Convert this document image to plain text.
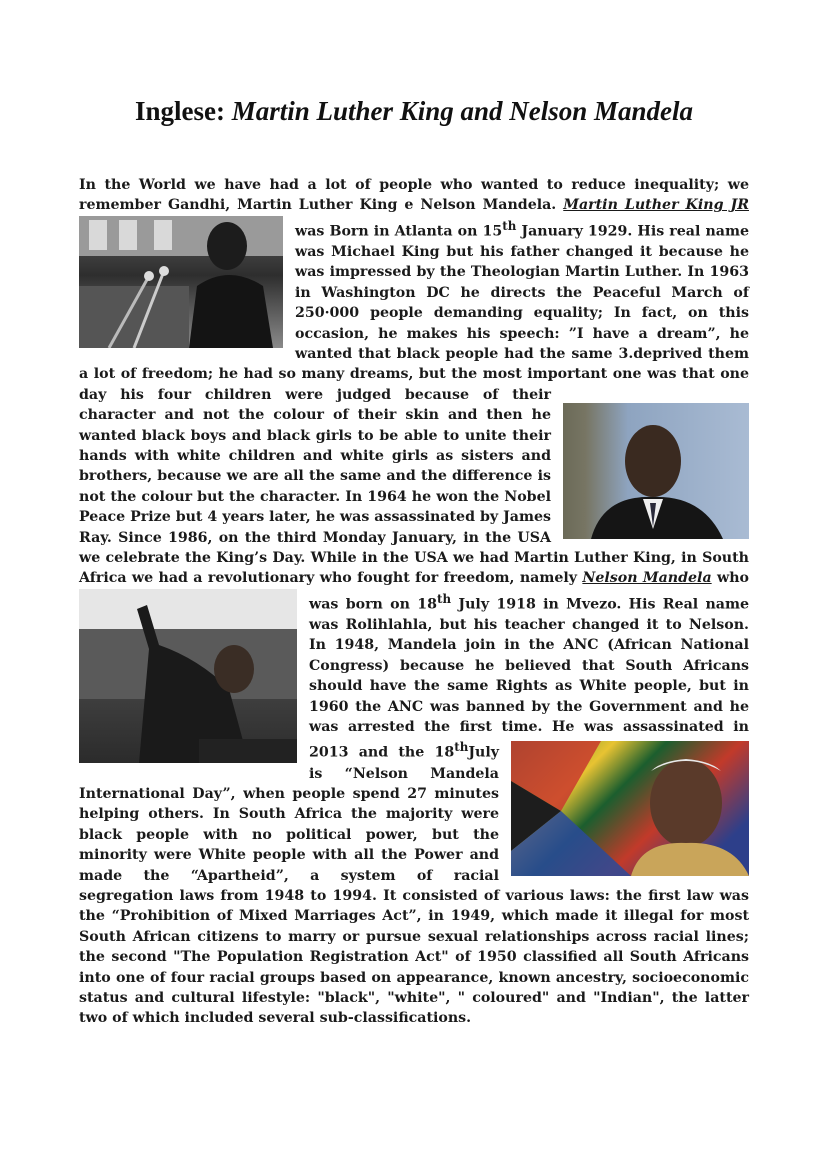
Inglese: Martin Luther King and Nelson Mandela

In the World we have had a lot of people who wanted to reduce inequality; we remember Gandhi, Martin Luther King e Nelson Mandela. Martin Luther King JR was Born in Atlanta on 15th January 1929. His real name was Michael King but his father changed it because he was impressed by the Theologian Martin Luther. In 1963 in Washington DC he directs the Peaceful March of 250·000 people demanding equality; In fact, on this occasion, he makes his speech: ”I have a dream”, he wanted that black people had the same 3.deprived them a lot of freedom; he had so many dreams, but the most important one was that one day his four children were judged because of their character and not the colour of their skin and then he wanted black boys and black girls to be able to unite their hands with white children and white girls as sisters and brothers, because we are all the same and the difference is not the colour but the character. In 1964 he won the Nobel Peace Prize but 4 years later, he was assassinated by James Ray. Since 1986, on the third Monday January, in the USA we celebrate the King’s Day. While in the USA we had Martin Luther King, in South Africa we had a revolutionary who fought for freedom, namely
Nelson Mandela who was born on 18th July 1918 in Mvezo. His Real name was Rolihlahla, but his teacher changed it to Nelson. In 1948, Mandela join in the ANC (African National Congress) because he believed that South Africans should have the same Rights as White people, but in 1960 the ANC was banned by the Government and he was arrested the first time. He was assassinated in 2013 and the 18th
July is “Nelson Mandela International Day”, when people spend 27 minutes helping others. In South Africa the majority were black people with no political power, but the minority were White people with all the Power and made the “Apartheid”, a system of racial segregation laws from 1948 to 1994. It consisted of various laws: the first law was the “Prohibition of Mixed Marriages Act”, in 1949, which made it illegal for most South African citizens to marry or pursue sexual relationships across racial lines; the second "The Population Registration Act" of 1950 classified all South Africans into one of four racial groups based on appearance, known ancestry, socioeconomic status and cultural lifestyle: "black", "white", " coloured" and "Indian", the latter two of which included several sub-classifications.
